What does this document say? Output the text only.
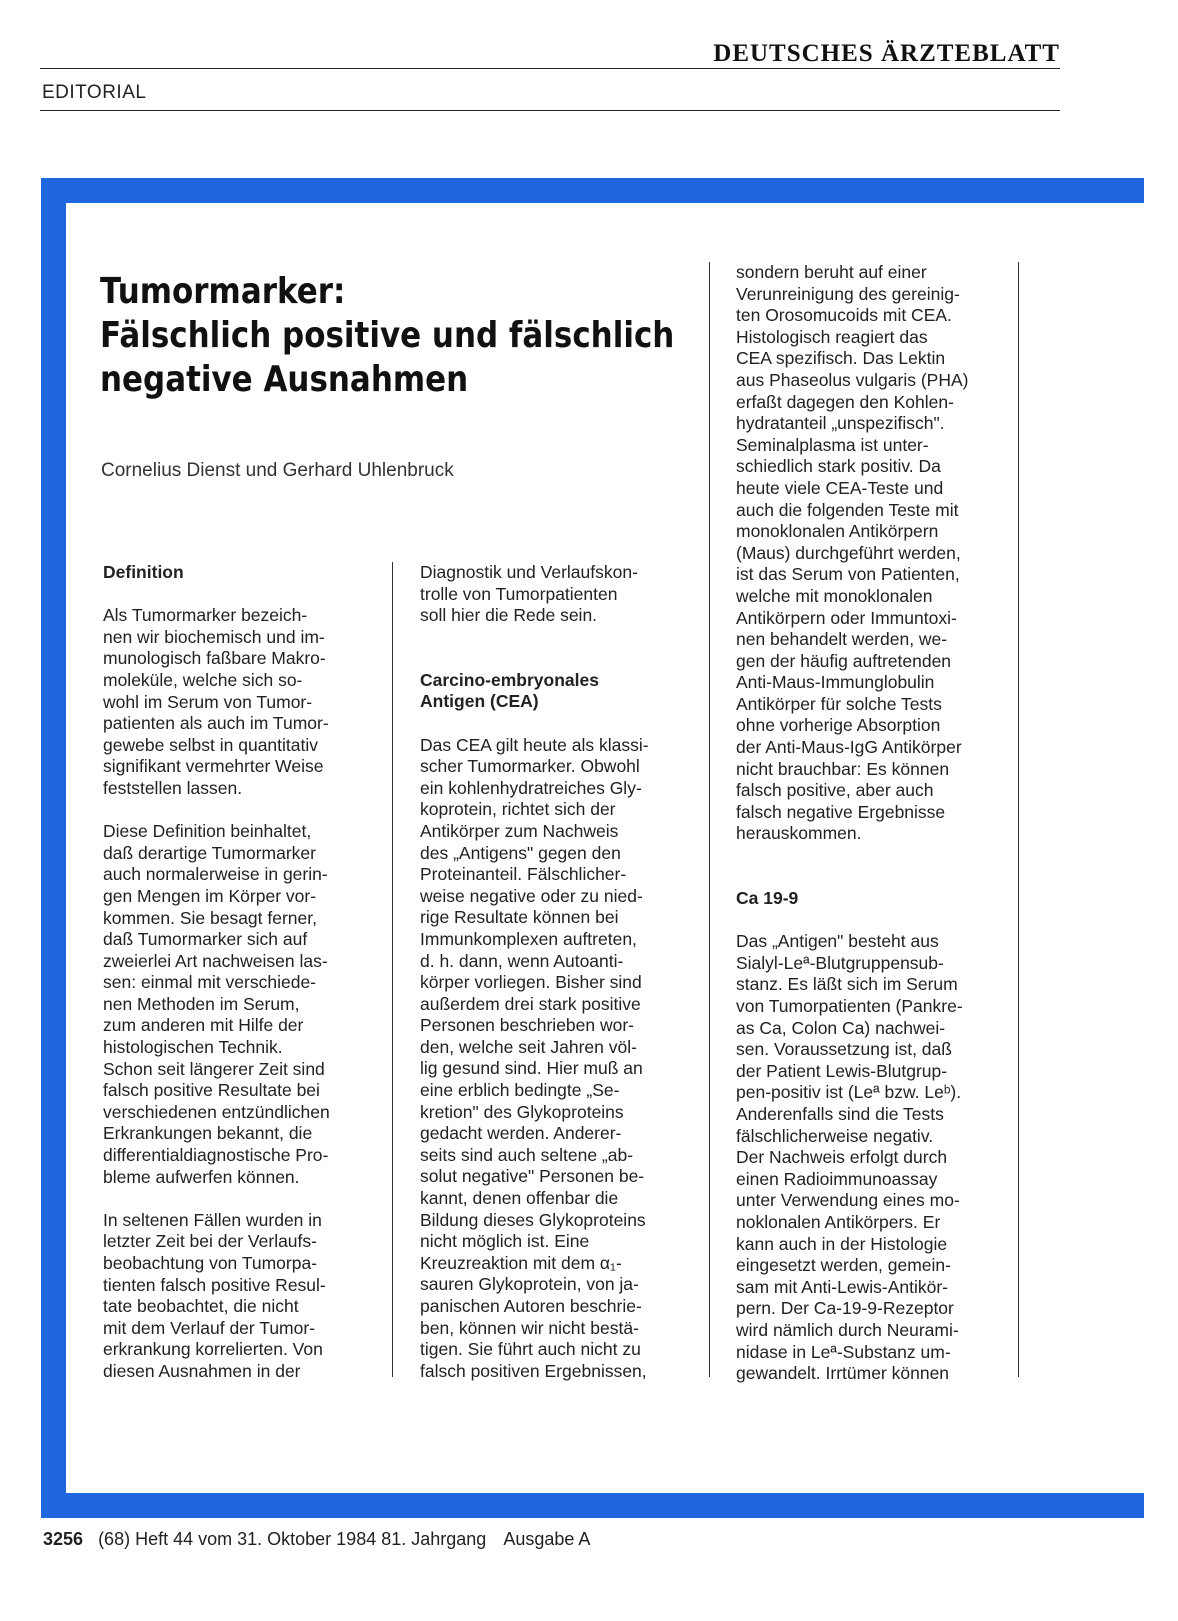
DEUTSCHES ÄRZTEBLATT
EDITORIAL
Tumormarker:
Fälschlich positive und fälschlich
negative Ausnahmen
Cornelius Dienst und Gerhard Uhlenbruck
Definition

Als Tumormarker bezeich-
nen wir biochemisch und im-
munologisch faßbare Makro-
moleküle, welche sich so-
wohl im Serum von Tumor-
patienten als auch im Tumor-
gewebe selbst in quantitativ
signifikant vermehrter Weise
feststellen lassen.

Diese Definition beinhaltet,
daß derartige Tumormarker
auch normalerweise in gerin-
gen Mengen im Körper vor-
kommen. Sie besagt ferner,
daß Tumormarker sich auf
zweierlei Art nachweisen las-
sen: einmal mit verschiede-
nen Methoden im Serum,
zum anderen mit Hilfe der
histologischen Technik.
Schon seit längerer Zeit sind
falsch positive Resultate bei
verschiedenen entzündlichen
Erkrankungen bekannt, die
differentialdiagnostische Pro-
bleme aufwerfen können.

In seltenen Fällen wurden in
letzter Zeit bei der Verlaufs-
beobachtung von Tumorpa-
tienten falsch positive Resul-
tate beobachtet, die nicht
mit dem Verlauf der Tumor-
erkrankung korrelierten. Von
diesen Ausnahmen in der

Diagnostik und Verlaufskon-
trolle von Tumorpatienten
soll hier die Rede sein.

Carcino-embryonales
Antigen (CEA)

Das CEA gilt heute als klassi-
scher Tumormarker. Obwohl
ein kohlenhydratreiches Gly-
koprotein, richtet sich der
Antikörper zum Nachweis
des „Antigens" gegen den
Proteinanteil. Fälschlicher-
weise negative oder zu nied-
rige Resultate können bei
Immunkomplexen auftreten,
d. h. dann, wenn Autoanti-
körper vorliegen. Bisher sind
außerdem drei stark positive
Personen beschrieben wor-
den, welche seit Jahren völ-
lig gesund sind. Hier muß an
eine erblich bedingte „Se-
kretion" des Glykoproteins
gedacht werden. Anderer-
seits sind auch seltene „ab-
solut negative" Personen be-
kannt, denen offenbar die
Bildung dieses Glykoproteins
nicht möglich ist. Eine
Kreuzreaktion mit dem α₁-
sauren Glykoprotein, von ja-
panischen Autoren beschrie-
ben, können wir nicht bestä-
tigen. Sie führt auch nicht zu
falsch positiven Ergebnissen,

sondern beruht auf einer
Verunreinigung des gereinig-
ten Orosomucoids mit CEA.
Histologisch reagiert das
CEA spezifisch. Das Lektin
aus Phaseolus vulgaris (PHA)
erfaßt dagegen den Kohlen-
hydratanteil „unspezifisch".
Seminalplasma ist unter-
schiedlich stark positiv. Da
heute viele CEA-Teste und
auch die folgenden Teste mit
monoklonalen Antikörpern
(Maus) durchgeführt werden,
ist das Serum von Patienten,
welche mit monoklonalen
Antikörpern oder Immuntoxi-
nen behandelt werden, we-
gen der häufig auftretenden
Anti-Maus-Immunglobulin
Antikörper für solche Tests
ohne vorherige Absorption
der Anti-Maus-IgG Antikörper
nicht brauchbar: Es können
falsch positive, aber auch
falsch negative Ergebnisse
herauskommen.

Ca 19-9

Das „Antigen" besteht aus
Sialyl-Leª-Blutgruppensub-
stanz. Es läßt sich im Serum
von Tumorpatienten (Pankre-
as Ca, Colon Ca) nachwei-
sen. Voraussetzung ist, daß
der Patient Lewis-Blutgrup-
pen-positiv ist (Leª bzw. Leᵇ).
Anderenfalls sind die Tests
fälschlicherweise negativ.
Der Nachweis erfolgt durch
einen Radioimmunoassay
unter Verwendung eines mo-
noklonalen Antikörpers. Er
kann auch in der Histologie
eingesetzt werden, gemein-
sam mit Anti-Lewis-Antikör-
pern. Der Ca-19-9-Rezeptor
wird nämlich durch Neurami-
nidase in Leª-Substanz um-
gewandelt. Irrtümer können

3256 (68) Heft 44 vom 31. Oktober 1984 81. Jahrgang Ausgabe A
